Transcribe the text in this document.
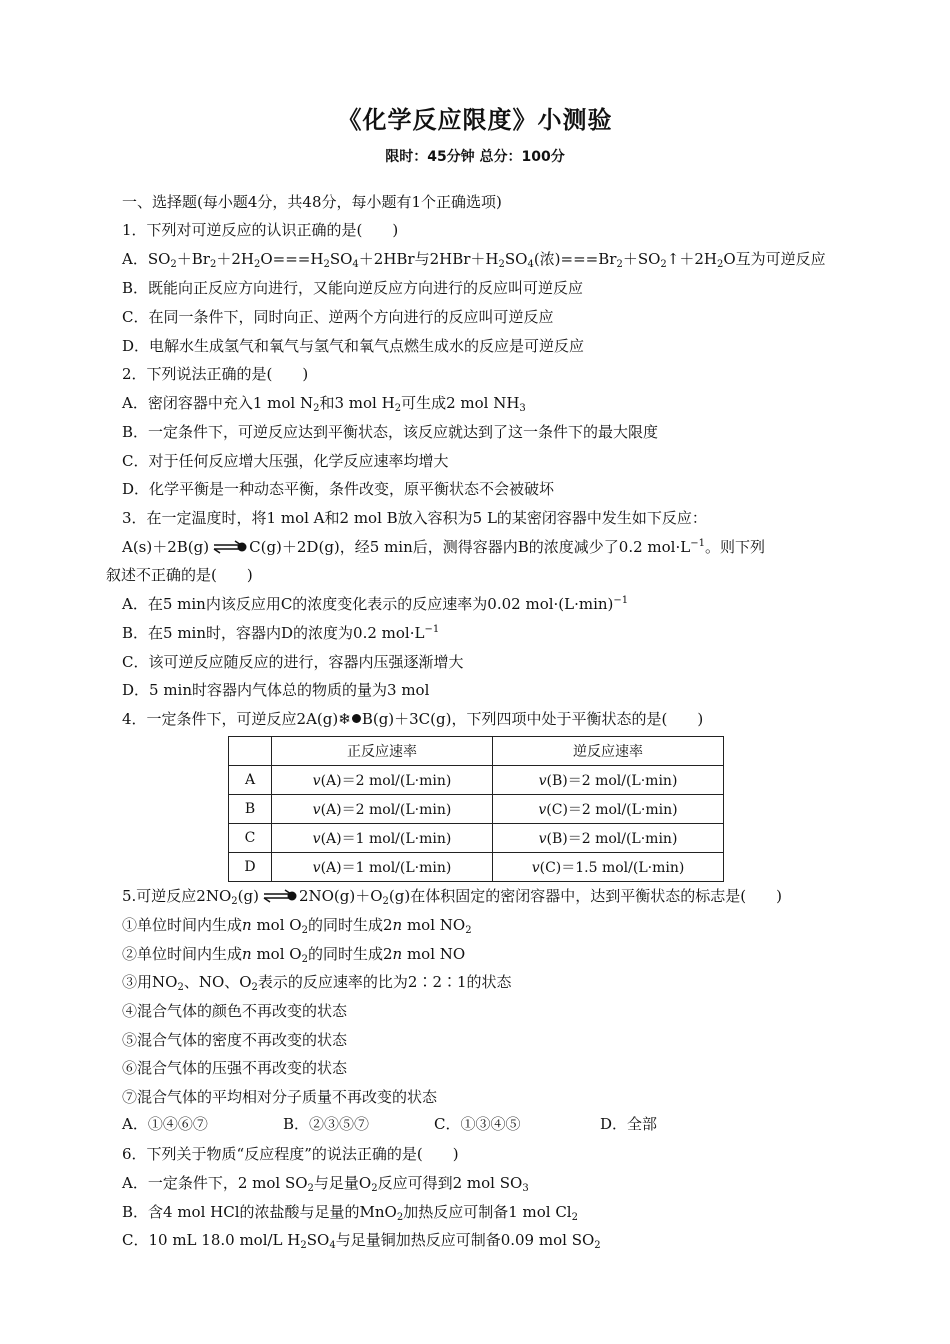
《化学反应限度》小测验
限时：45分钟 总分：100分
一、选择题(每小题4分，共48分，每小题有1个正确选项)
1．下列对可逆反应的认识正确的是(　　)
A．$SO_2+Br_2+2H_2O===H_2SO_4+2HBr$与$2HBr+H_2SO_4$(浓)$===Br_2+SO_2↑+2H_2O$互为可逆反应
B．既能向正反应方向进行，又能向逆反应方向进行的反应叫可逆反应
C．在同一条件下，同时向正、逆两个方向进行的反应叫可逆反应
D．电解水生成氢气和氧气与氢气和氧气点燃生成水的反应是可逆反应
2．下列说法正确的是(　　)
A．密闭容器中充入1 mol $N_2$和3 mol $H_2$可生成2 mol $NH_3$
B．一定条件下，可逆反应达到平衡状态，该反应就达到了这一条件下的最大限度
C．对于任何反应增大压强，化学反应速率均增大
D．化学平衡是一种动态平衡，条件改变，原平衡状态不会被破坏
3．在一定温度时，将1 mol A和2 mol B放入容积为5 L的某密闭容器中发生如下反应：
A(s)＋2B(g) ⇌ C(g)＋2D(g)，经5 min后，测得容器内B的浓度减少了0.2 $mol\cdot L^{-1}$。则下列
叙述不正确的是(　　)
A．在5 min内该反应用C的浓度变化表示的反应速率为0.02 $mol\cdot(L\cdot\min)^{-1}$
B．在5 min时，容器内D的浓度为0.2 $mol\cdot L^{-1}$
C．该可逆反应随反应的进行，容器内压强逐渐增大
D．5 min时容器内气体总的物质的量为3 mol
4．一定条件下，可逆反应2A(g)❄ B(g)＋3C(g)，下列四项中处于平衡状态的是(　　)
	正反应速率	逆反应速率
A	v(A)＝2 mol/(L·min)	v(B)＝2 mol/(L·min)
B	v(A)＝2 mol/(L·min)	v(C)＝2 mol/(L·min)
C	v(A)＝1 mol/(L·min)	v(B)＝2 mol/(L·min)
D	v(A)＝1 mol/(L·min)	v(C)＝1.5 mol/(L·min)
5.可逆反应$2NO_2(g)$ ⇌ $2NO(g)+O_2(g)$在体积固定的密闭容器中，达到平衡状态的标志是(　　)
①单位时间内生成n mol $O_2$的同时生成2n mol $NO_2$
②单位时间内生成n mol $O_2$的同时生成2n mol NO
③用$NO_2$、NO、$O_2$表示的反应速率的比为2∶2∶1的状态
④混合气体的颜色不再改变的状态
⑤混合气体的密度不再改变的状态
⑥混合气体的压强不再改变的状态
⑦混合气体的平均相对分子质量不再改变的状态
A．①④⑥⑦	B．②③⑤⑦	C．①③④⑤	D．全部
6．下列关于物质“反应程度”的说法正确的是(　　)
A．一定条件下，2 mol $SO_2$与足量$O_2$反应可得到2 mol $SO_3$
B．含4 mol HCl的浓盐酸与足量的MnO$_2$加热反应可制备1 mol $Cl_2$
C．10 mL 18.0 mol/L $H_2SO_4$与足量铜加热反应可制备0.09 mol $SO_2$
